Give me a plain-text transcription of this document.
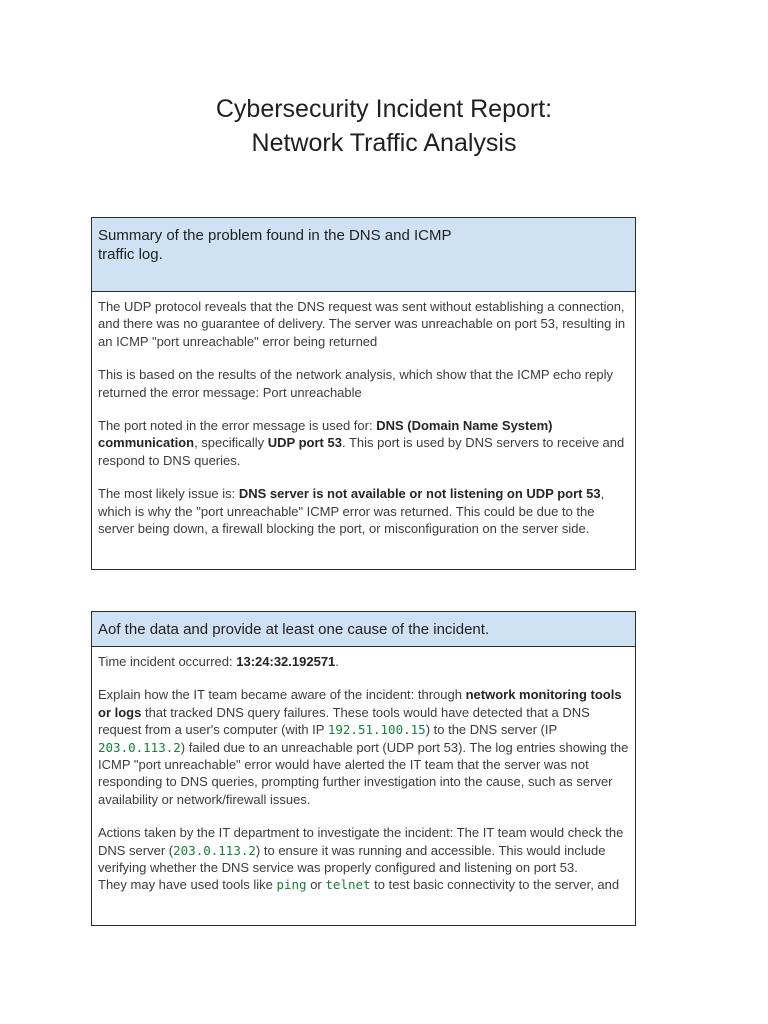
Cybersecurity Incident Report:
Network Traffic Analysis
Summary of the problem found in the DNS and ICMP traffic log.

The UDP protocol reveals that the DNS request was sent without establishing a connection, and there was no guarantee of delivery. The server was unreachable on port 53, resulting in an ICMP "port unreachable" error being returned

This is based on the results of the network analysis, which show that the ICMP echo reply returned the error message: Port unreachable

The port noted in the error message is used for: DNS (Domain Name System) communication, specifically UDP port 53. This port is used by DNS servers to receive and respond to DNS queries.

The most likely issue is: DNS server is not available or not listening on UDP port 53, which is why the "port unreachable" ICMP error was returned. This could be due to the server being down, a firewall blocking the port, or misconfiguration on the server side.

Aof the data and provide at least one cause of the incident.

Time incident occurred: 13:24:32.192571.

Explain how the IT team became aware of the incident: through network monitoring tools or logs that tracked DNS query failures. These tools would have detected that a DNS request from a user's computer (with IP 192.51.100.15) to the DNS server (IP 203.0.113.2) failed due to an unreachable port (UDP port 53). The log entries showing the ICMP "port unreachable" error would have alerted the IT team that the server was not responding to DNS queries, prompting further investigation into the cause, such as server availability or network/firewall issues.

Actions taken by the IT department to investigate the incident: The IT team would check the DNS server (203.0.113.2) to ensure it was running and accessible. This would include verifying whether the DNS service was properly configured and listening on port 53.

They may have used tools like ping or telnet to test basic connectivity to the server, and
